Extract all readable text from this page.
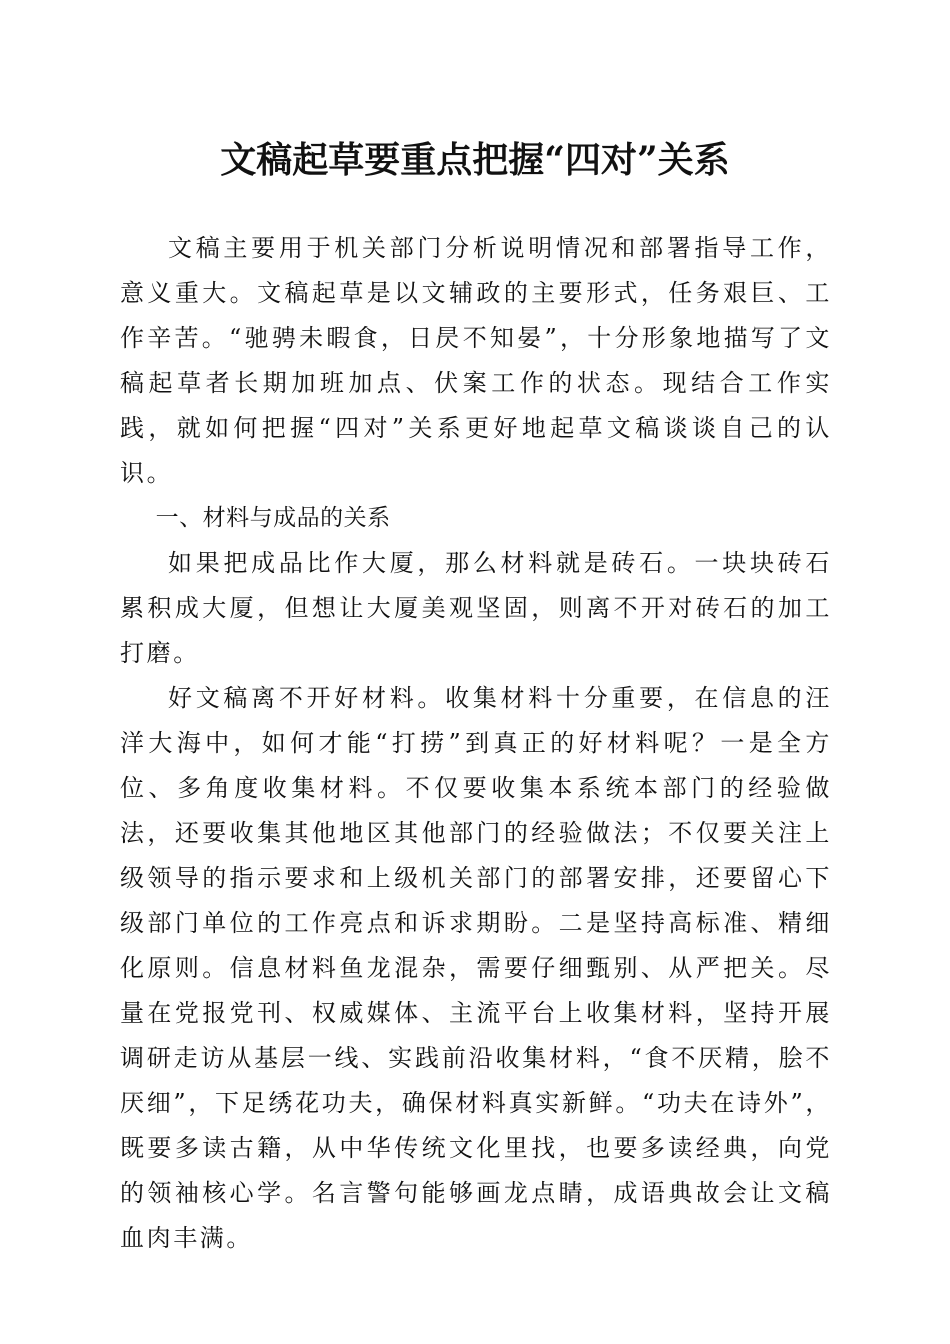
文稿起草要重点把握“四对”关系

文稿主要用于机关部门分析说明情况和部署指导工作，意义重大。文稿起草是以文辅政的主要形式，任务艰巨、工作辛苦。“驰骋未暇食，日昃不知晏”，十分形象地描写了文稿起草者长期加班加点、伏案工作的状态。现结合工作实践，就如何把握“四对”关系更好地起草文稿谈谈自己的认识。

一、材料与成品的关系

如果把成品比作大厦，那么材料就是砖石。一块块砖石累积成大厦，但想让大厦美观坚固，则离不开对砖石的加工打磨。

好文稿离不开好材料。收集材料十分重要，在信息的汪洋大海中，如何才能“打捞”到真正的好材料呢？一是全方位、多角度收集材料。不仅要收集本系统本部门的经验做法，还要收集其他地区其他部门的经验做法；不仅要关注上级领导的指示要求和上级机关部门的部署安排，还要留心下级部门单位的工作亮点和诉求期盼。二是坚持高标准、精细化原则。信息材料鱼龙混杂，需要仔细甄别、从严把关。尽量在党报党刊、权威媒体、主流平台上收集材料，坚持开展调研走访从基层一线、实践前沿收集材料，“食不厌精，脍不厌细”，下足绣花功夫，确保材料真实新鲜。“功夫在诗外”，既要多读古籍，从中华传统文化里找，也要多读经典，向党的领袖核心学。名言警句能够画龙点睛，成语典故会让文稿血肉丰满。
